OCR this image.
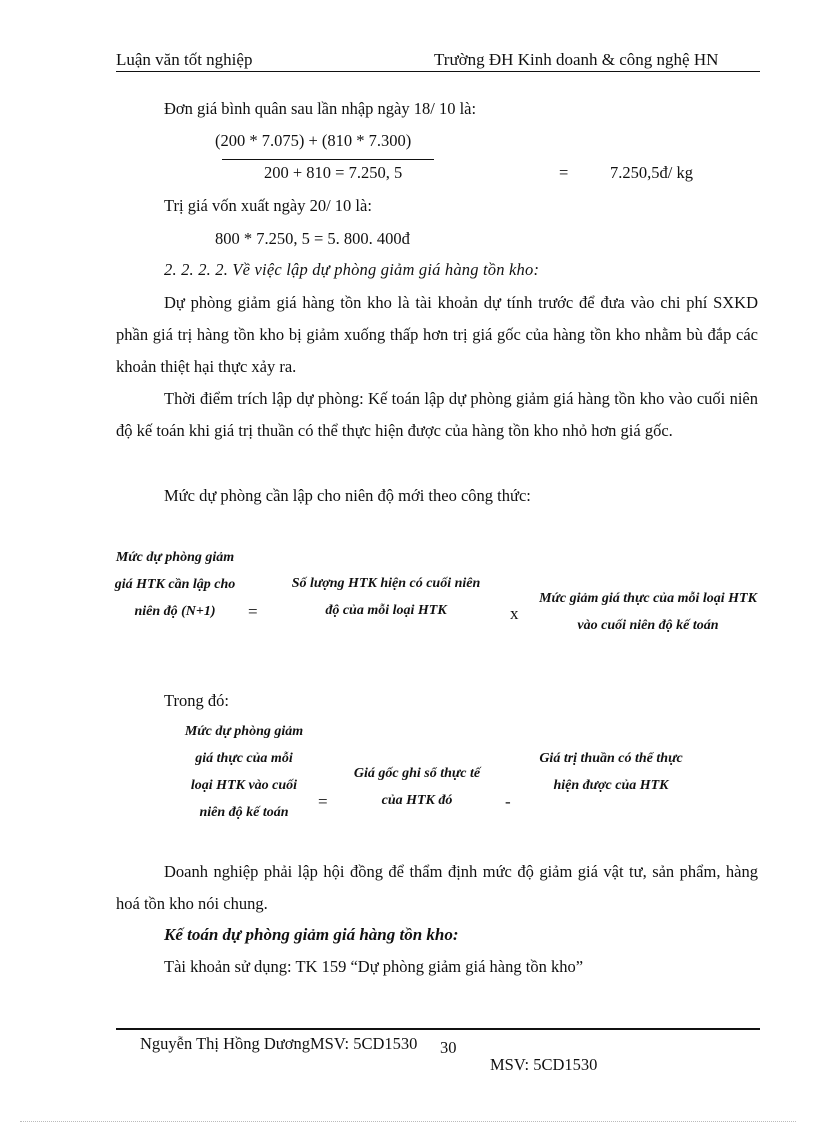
Luận văn tốt nghiệp	Trường ĐH Kinh doanh & công nghệ HN
Đơn giá bình quân sau lần nhập ngày 18/ 10 là:
(200 * 7.075) + (810 * 7.300)
200 + 810 = 7.250, 5	=	7.250,5đ/ kg
Trị giá vốn xuất ngày 20/ 10 là:
800 * 7.250, 5 = 5. 800. 400đ
2. 2. 2. 2. Về việc lập dự phòng giảm giá hàng tồn kho:
Dự phòng giảm giá hàng tồn kho là tài khoản dự tính trước để đưa vào chi phí SXKD phần giá trị hàng tồn kho bị giảm xuống thấp hơn trị giá gốc của hàng tồn kho nhằm bù đắp các khoản thiệt hại thực xảy ra.
Thời điểm trích lập dự phòng: Kế toán lập dự phòng giảm giá hàng tồn kho vào cuối niên độ kế toán khi giá trị thuần có thể thực hiện được của hàng tồn kho nhỏ hơn giá gốc.
Mức dự phòng cần lập cho niên độ mới theo công thức:
Mức dự phòng giảm giá HTK cần lập cho niên độ (N+1)	=
Số lượng HTK hiện có cuối niên độ của mỗi loại HTK	x
Mức giảm giá thực của mỗi loại HTK vào cuối niên độ kế toán
Trong đó:
Mức dự phòng giảm giá thực của mỗi loại HTK vào cuối niên độ kế toán
=
Giá gốc ghi sổ thực tế của HTK đó	-
Giá trị thuần có thể thực hiện được của HTK
Doanh nghiệp phải lập hội đồng để thẩm định mức độ giảm giá vật tư, sản phẩm, hàng hoá tồn kho nói chung.
Kế toán dự phòng giảm giá hàng tồn kho:
Tài khoản sử dụng: TK 159 “Dự phòng giảm giá hàng tồn kho”
Nguyễn Thị Hồng DươngMSV: 5CD1530 30
MSV: 5CD1530
